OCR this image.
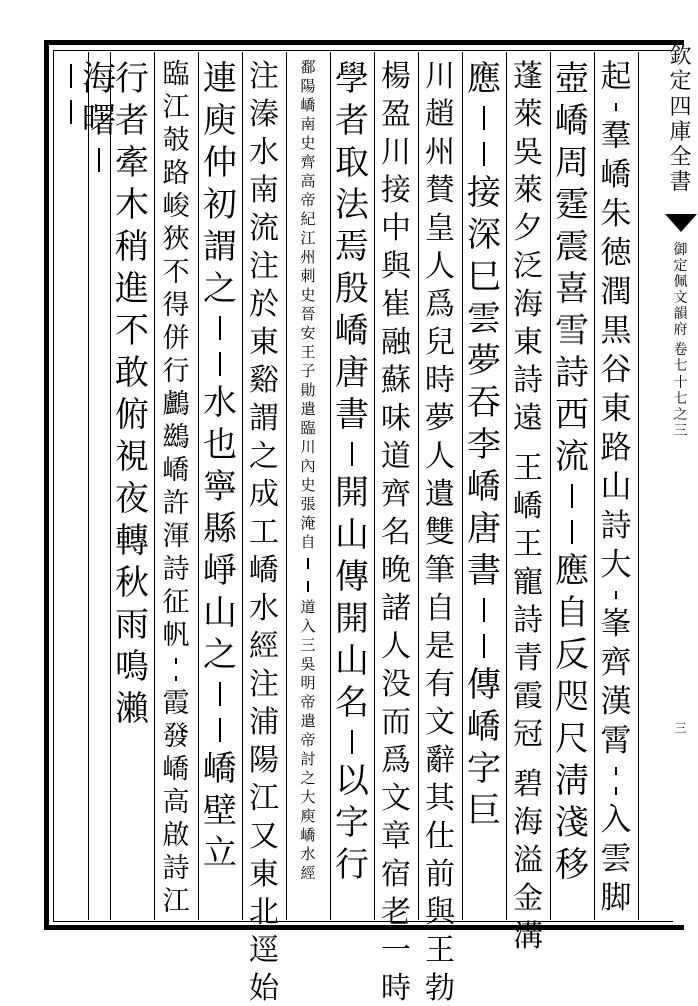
欽
定
四
庫
全
書
御
定
佩
文
韻
府
卷
七
十
七
之
三
三
起
羣
嶠
朱
徳
潤
黒
谷
東
路
山
詩
大
峯
齊
漢
霄
入
雲
脚
壺
嶠
周
霆
震
喜
雪
詩
西
流
應
自
反
咫
尺
淸
淺
移
蓬
萊
吳
萊
夕
泛
海
東
詩
遠
王
嶠
王
寵
詩
青
霞
冠
碧
海
溢
金
溝
應
接
深
巳
雲
夢
吞
李
嶠
唐
書
傳
嶠
字
巨
川
趙
州
賛
皇
人
爲
兒
時
夢
人
遺
雙
筆
自
是
有
文
辭
其
仕
前
與
王
勃
楊
盈
川
接
中
與
崔
融
蘇
味
道
齊
名
晚
諸
人
没
而
爲
文
章
宿
老
一
時
學
者
取
法
焉
殷
嶠
唐
書
開
山
傳
開
山
名
以
字
行
鄱
陽
嶠
南
史
齊
高
帝
紀
江
州
刺
史
晉
安
王
子
勛
遣
臨
川
內
史
張
淹
自
道
入
三
吳
明
帝
遣
帝
討
之
大
庾
嶠
水
經
注
溱
水
南
流
注
於
東
谿
謂
之
成
工
嶠
水
經
注
浦
陽
江
又
東
北
逕
始
連
庾
仲
初
謂
之
水
也
寧
縣
崢
山
之
嶠
壁
立
臨
江
攲
路
峻
狹
不
得
併
行
鸕
鷀
嶠
許
渾
詩
征
帆
霞
發
嶠
高
啟
詩
江
行
者
牽
木
稍
進
不
敢
俯
視
夜
轉
秋
雨
鳴
瀨
海
曙
